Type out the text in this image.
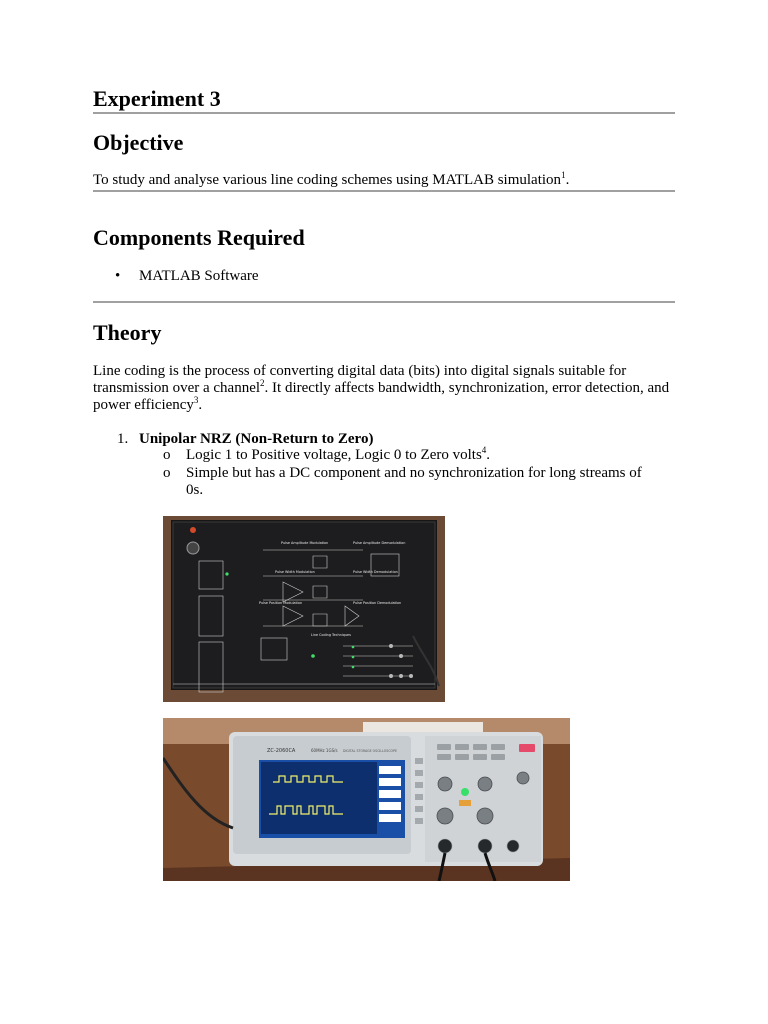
Experiment 3
Objective
To study and analyse various line coding schemes using MATLAB simulation$^1$.
Components Required
• MATLAB Software
Theory
Line coding is the process of converting digital data (bits) into digital signals suitable for transmission over a channel$^2$. It directly affects bandwidth, synchronization, error detection, and power efficiency$^3$.
1. Unipolar NRZ (Non-Return to Zero)
o Logic 1 to Positive voltage, Logic 0 to Zero volts$^4$.
o Simple but has a DC component and no synchronization for long streams of 0s.
Pulse Amplitude Modulation	Pulse Amplitude Demodulation
Pulse Width Modulation	Pulse Width Demodulation
Pulse Position Modulation	Pulse Position Demodulation
Line Coding Techniques
ZC-2060CA	60MHz 1GS/s DIGITAL STORAGE OSCILLOSCOPE
